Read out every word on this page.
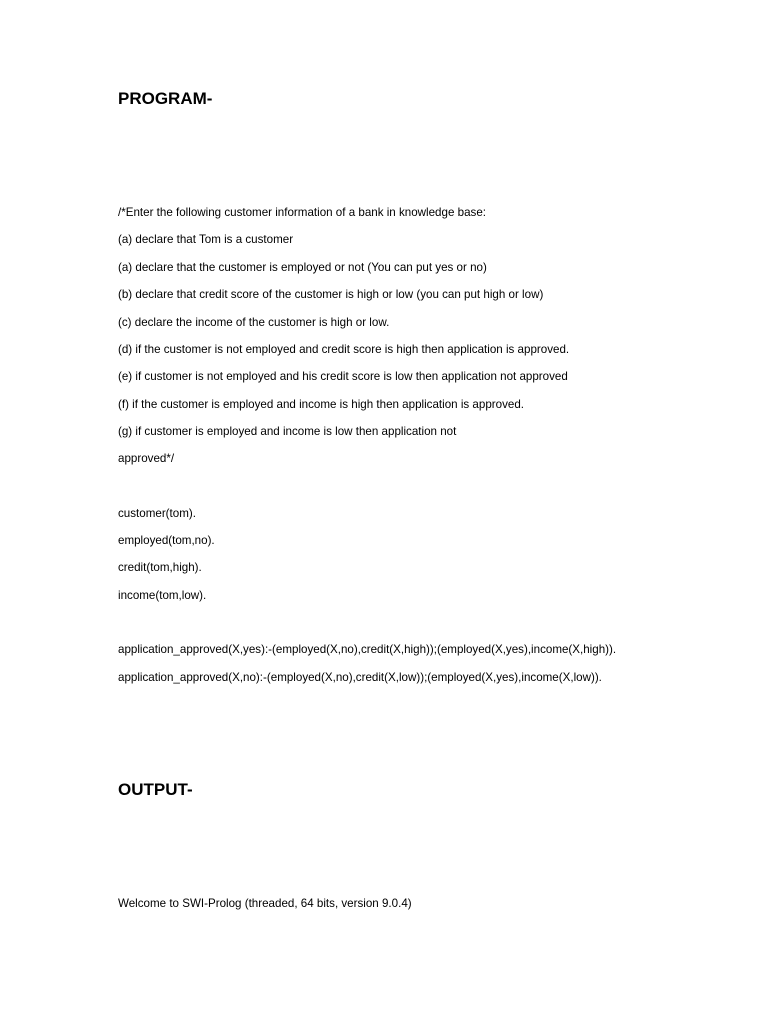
PROGRAM-

/*Enter the following customer information of a bank in knowledge base:

(a) declare that Tom is a customer

(a) declare that the customer is employed or not (You can put yes or no)

(b) declare that credit score of the customer is high or low (you can put high or low)

(c) declare the income of the customer is high or low.

(d) if the customer is not employed and credit score is high then application is approved.

(e) if customer is not employed and his credit score is low then application not approved

(f) if the customer is employed and income is high then application is approved.

(g) if customer is employed and income is low then application not

approved*/

customer(tom).

employed(tom,no).

credit(tom,high).

income(tom,low).

application_approved(X,yes):-(employed(X,no),credit(X,high));(employed(X,yes),income(X,high)).

application_approved(X,no):-(employed(X,no),credit(X,low));(employed(X,yes),income(X,low)).

OUTPUT-

Welcome to SWI-Prolog (threaded, 64 bits, version 9.0.4)
